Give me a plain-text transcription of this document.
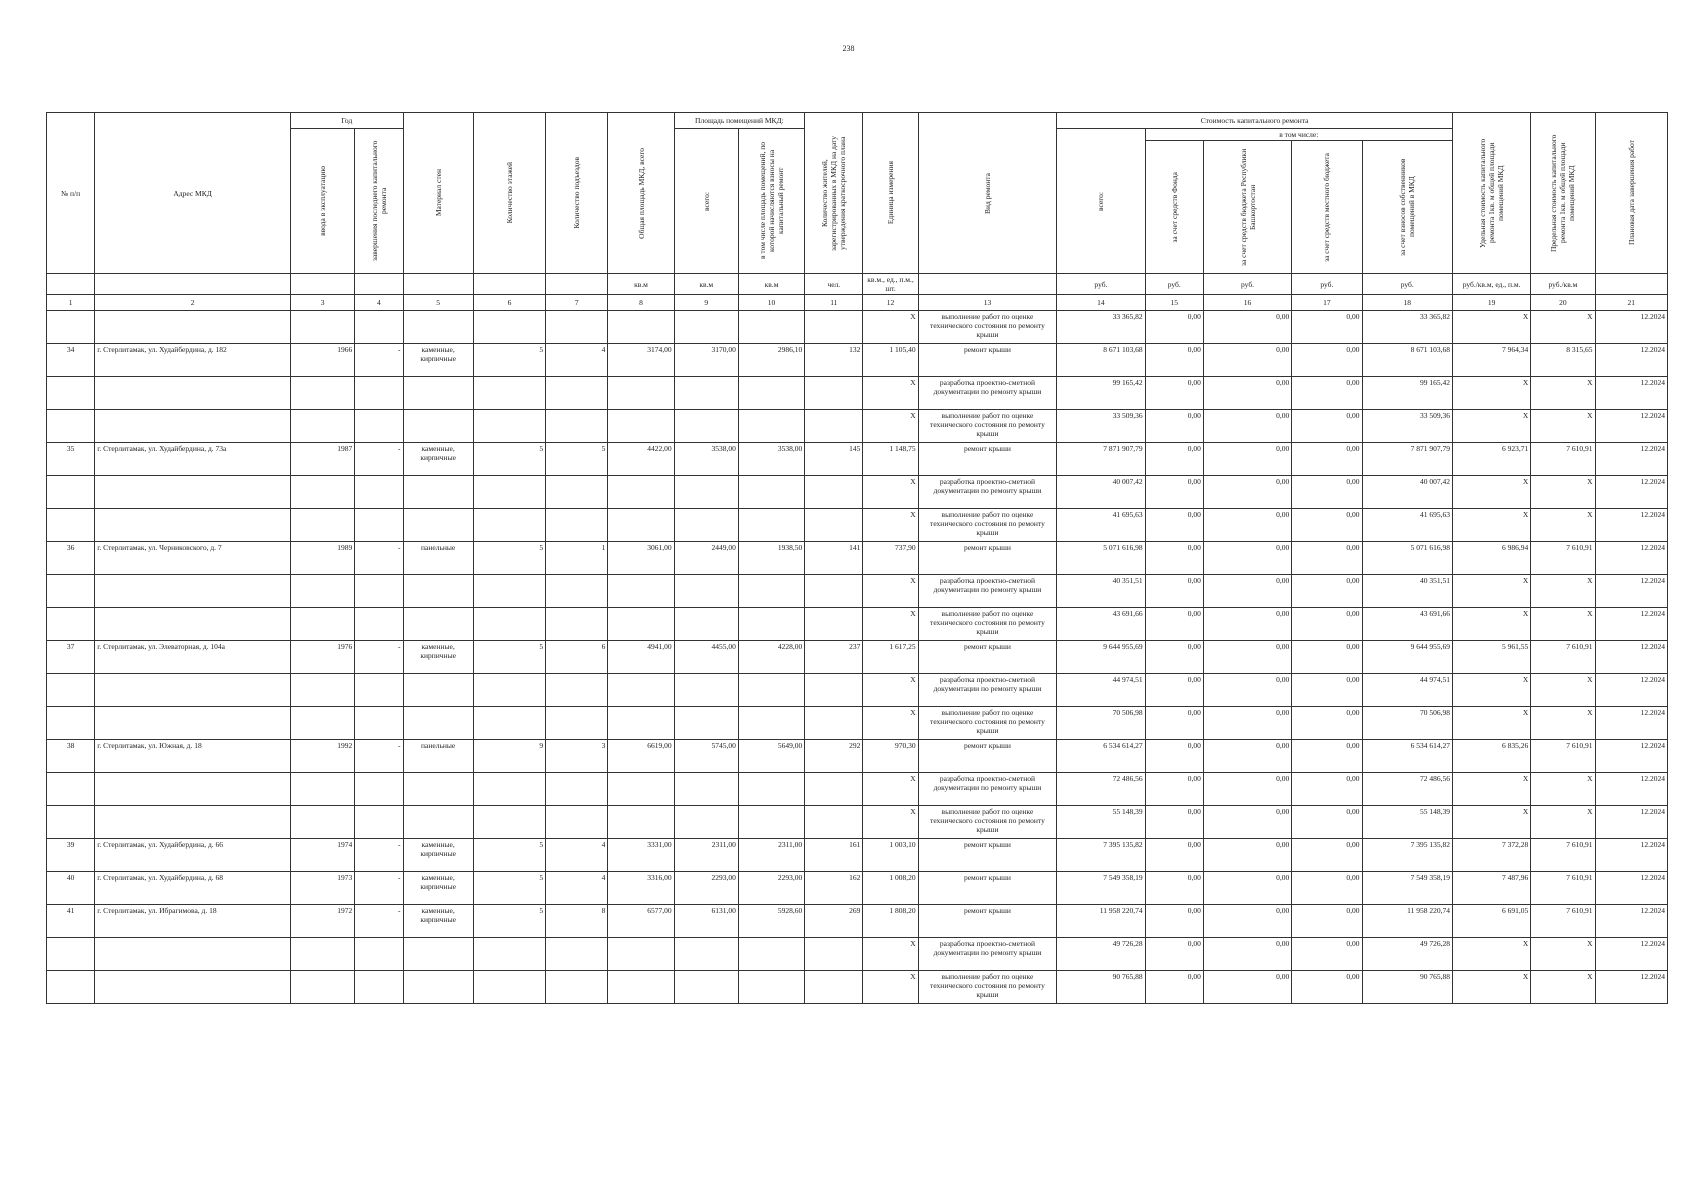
238
№ п/п	Адрес МКД	Год		Материал стен	Количество этажей	Количество подъездов	Общая площадь МКД, всего	Площадь помещений МКД:		Количество жителей, зарегистрированных в МКД на дату утверждения краткосрочного плана	Единица измерения	Вид ремонта	Стоимость капитального ремонта					Удельная стоимость капитального ремонта 1кв. м общей площади помещений МКД	Предельная стоимость капитального ремонта 1кв. м общей площади помещений МКД	Плановая дата завершения работ

		ввода в эксплуатацию	завершения последнего капитального ремонта					всего:	в том числе площадь помещений, по которой начисляются взносы на капитальный ремонт				всего:	в том числе:						

														за счет средств Фонда	за счет средств бюджета Республики Башкортостан	за счет средств местного бюджета	за счет взносов собственников помещений в МКД			

							кв.м	кв.м	кв.м	чел.	кв.м., ед., п.м., шт.		руб.	руб.	руб.	руб.	руб.	руб./кв.м, ед., п.м.	руб./кв.м	
1	2	3	4	5	6	7	8	9	10	11	12	13	14	15	16	17	18	19	20	21

											X	выполнение работ по оценке технического состояния по ремонту крыши	33 365,82	0,00	0,00	0,00	33 365,82	X	X	12.2024
34	г. Стерлитамак, ул. Худайбердина, д. 182	1966	-	каменные, кирпичные	5	4	3174,00	3170,00	2986,10	132	1 105,40	ремонт крыши	8 671 103,68	0,00	0,00	0,00	8 671 103,68	7 964,34	8 315,65	12.2024

											X	разработка проектно-сметной документации по ремонту крыши	99 165,42	0,00	0,00	0,00	99 165,42	X	X	12.2024

											X	выполнение работ по оценке технического состояния по ремонту крыши	33 509,36	0,00	0,00	0,00	33 509,36	X	X	12.2024
35	г. Стерлитамак, ул. Худайбердина, д. 73а	1987	-	каменные, кирпичные	5	5	4422,00	3538,00	3538,00	145	1 148,75	ремонт крыши	7 871 907,79	0,00	0,00	0,00	7 871 907,79	6 923,71	7 610,91	12.2024

											X	разработка проектно-сметной документации по ремонту крыши	40 007,42	0,00	0,00	0,00	40 007,42	X	X	12.2024

											X	выполнение работ по оценке технического состояния по ремонту крыши	41 695,63	0,00	0,00	0,00	41 695,63	X	X	12.2024
36	г. Стерлитамак, ул. Черниковского, д. 7	1989	-	панельные	5	1	3061,00	2449,00	1938,50	141	737,90	ремонт крыши	5 071 616,98	0,00	0,00	0,00	5 071 616,98	6 986,94	7 610,91	12.2024

											X	разработка проектно-сметной документации по ремонту крыши	40 351,51	0,00	0,00	0,00	40 351,51	X	X	12.2024

											X	выполнение работ по оценке технического состояния по ремонту крыши	43 691,66	0,00	0,00	0,00	43 691,66	X	X	12.2024
37	г. Стерлитамак, ул. Элеваторная, д. 104а	1976	-	каменные, кирпичные	5	6	4941,00	4455,00	4228,00	237	1 617,25	ремонт крыши	9 644 955,69	0,00	0,00	0,00	9 644 955,69	5 961,55	7 610,91	12.2024

											X	разработка проектно-сметной документации по ремонту крыши	44 974,51	0,00	0,00	0,00	44 974,51	X	X	12.2024

											X	выполнение работ по оценке технического состояния по ремонту крыши	70 506,98	0,00	0,00	0,00	70 506,98	X	X	12.2024
38	г. Стерлитамак, ул. Южная, д. 18	1992	-	панельные	9	3	6619,00	5745,00	5649,00	292	970,30	ремонт крыши	6 534 614,27	0,00	0,00	0,00	6 534 614,27	6 835,26	7 610,91	12.2024

											X	разработка проектно-сметной документации по ремонту крыши	72 486,56	0,00	0,00	0,00	72 486,56	X	X	12.2024

											X	выполнение работ по оценке технического состояния по ремонту крыши	55 148,39	0,00	0,00	0,00	55 148,39	X	X	12.2024
39	г. Стерлитамак, ул. Худайбердина, д. 66	1974	-	каменные, кирпичные	5	4	3331,00	2311,00	2311,00	161	1 003,10	ремонт крыши	7 395 135,82	0,00	0,00	0,00	7 395 135,82	7 372,28	7 610,91	12.2024
40	г. Стерлитамак, ул. Худайбердина, д. 68	1973	-	каменные, кирпичные	5	4	3316,00	2293,00	2293,00	162	1 008,20	ремонт крыши	7 549 358,19	0,00	0,00	0,00	7 549 358,19	7 487,96	7 610,91	12.2024
41	г. Стерлитамак, ул. Ибрагимова, д. 18	1972	-	каменные, кирпичные	5	8	6577,00	6131,00	5928,60	269	1 808,20	ремонт крыши	11 958 220,74	0,00	0,00	0,00	11 958 220,74	6 691,05	7 610,91	12.2024

											X	разработка проектно-сметной документации по ремонту крыши	49 726,28	0,00	0,00	0,00	49 726,28	X	X	12.2024

											X	выполнение работ по оценке технического состояния по ремонту крыши	90 765,88	0,00	0,00	0,00	90 765,88	X	X	12.2024
